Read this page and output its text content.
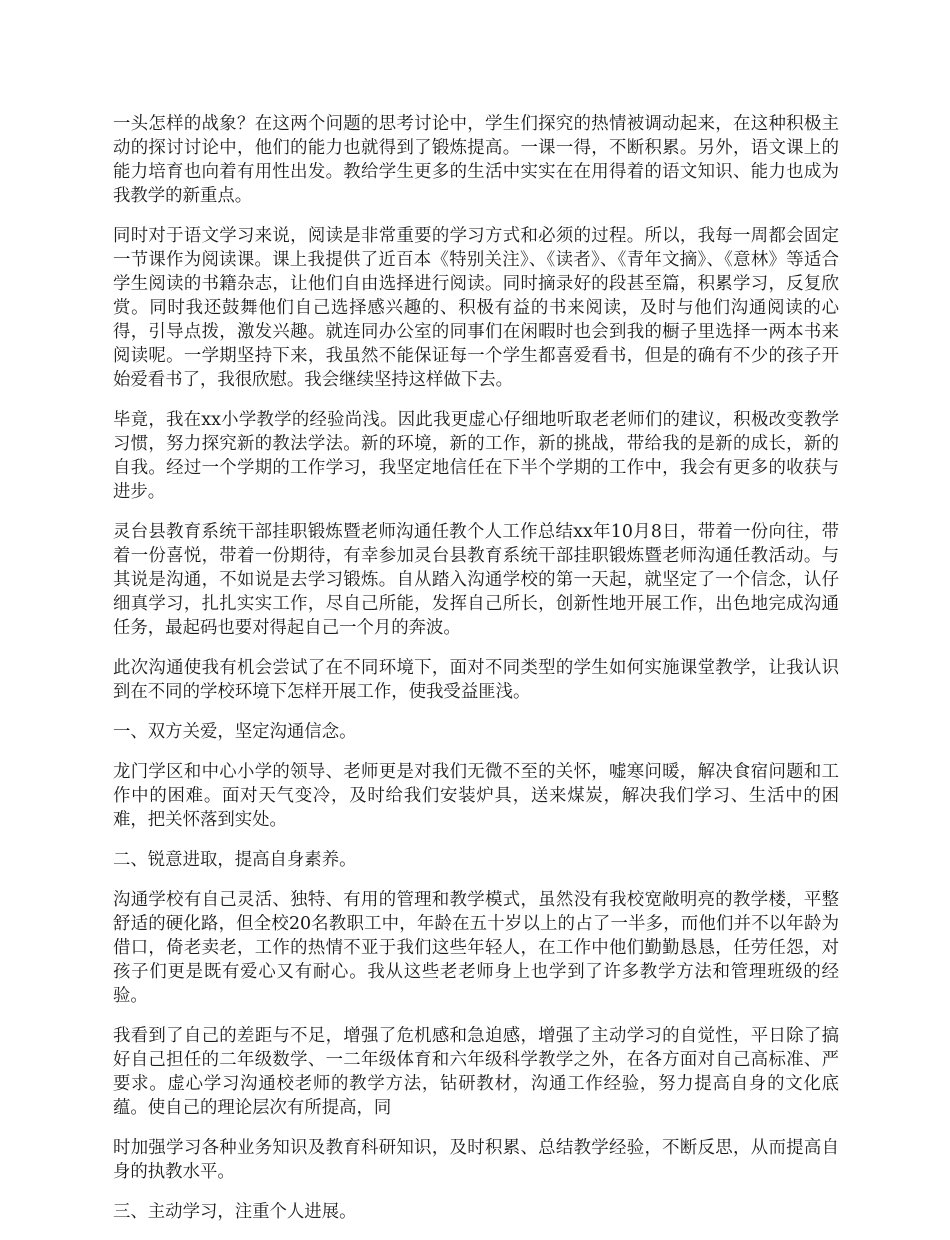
一头怎样的战象？在这两个问题的思考讨论中，学生们探究的热情被调动起来，在这种积极主动的探讨讨论中，他们的能力也就得到了锻炼提高。一课一得，不断积累。另外，语文课上的能力培育也向着有用性出发。教给学生更多的生活中实实在在用得着的语文知识、能力也成为我教学的新重点。

同时对于语文学习来说，阅读是非常重要的学习方式和必须的过程。所以，我每一周都会固定一节课作为阅读课。课上我提供了近百本《特别关注》、《读者》、《青年文摘》、《意林》等适合学生阅读的书籍杂志，让他们自由选择进行阅读。同时摘录好的段甚至篇，积累学习，反复欣赏。同时我还鼓舞他们自己选择感兴趣的、积极有益的书来阅读，及时与他们沟通阅读的心得，引导点拨，激发兴趣。就连同办公室的同事们在闲暇时也会到我的橱子里选择一两本书来阅读呢。一学期坚持下来，我虽然不能保证每一个学生都喜爱看书，但是的确有不少的孩子开始爱看书了，我很欣慰。我会继续坚持这样做下去。

毕竟，我在xx小学教学的经验尚浅。因此我更虚心仔细地听取老老师们的建议，积极改变教学习惯，努力探究新的教法学法。新的环境，新的工作，新的挑战，带给我的是新的成长，新的自我。经过一个学期的工作学习，我坚定地信任在下半个学期的工作中，我会有更多的收获与进步。

灵台县教育系统干部挂职锻炼暨老师沟通任教个人工作总结xx年10月8日，带着一份向往，带着一份喜悦，带着一份期待，有幸参加灵台县教育系统干部挂职锻炼暨老师沟通任教活动。与其说是沟通，不如说是去学习锻炼。自从踏入沟通学校的第一天起，就坚定了一个信念，认仔细真学习，扎扎实实工作，尽自己所能，发挥自己所长，创新性地开展工作，出色地完成沟通任务，最起码也要对得起自己一个月的奔波。

此次沟通使我有机会尝试了在不同环境下，面对不同类型的学生如何实施课堂教学，让我认识到在不同的学校环境下怎样开展工作，使我受益匪浅。

一、双方关爱，坚定沟通信念。

龙门学区和中心小学的领导、老师更是对我们无微不至的关怀，嘘寒问暖，解决食宿问题和工作中的困难。面对天气变冷，及时给我们安装炉具，送来煤炭，解决我们学习、生活中的困难，把关怀落到实处。

二、锐意进取，提高自身素养。

沟通学校有自己灵活、独特、有用的管理和教学模式，虽然没有我校宽敞明亮的教学楼，平整舒适的硬化路，但全校20名教职工中，年龄在五十岁以上的占了一半多，而他们并不以年龄为借口，倚老卖老，工作的热情不亚于我们这些年轻人，在工作中他们勤勤恳恳，任劳任怨，对孩子们更是既有爱心又有耐心。我从这些老老师身上也学到了许多教学方法和管理班级的经验。

我看到了自己的差距与不足，增强了危机感和急迫感，增强了主动学习的自觉性，平日除了搞好自己担任的二年级数学、一二年级体育和六年级科学教学之外，在各方面对自己高标准、严要求。虚心学习沟通校老师的教学方法，钻研教材，沟通工作经验，努力提高自身的文化底蕴。使自己的理论层次有所提高，同

时加强学习各种业务知识及教育科研知识，及时积累、总结教学经验，不断反思，从而提高自身的执教水平。

三、主动学习，注重个人进展。
